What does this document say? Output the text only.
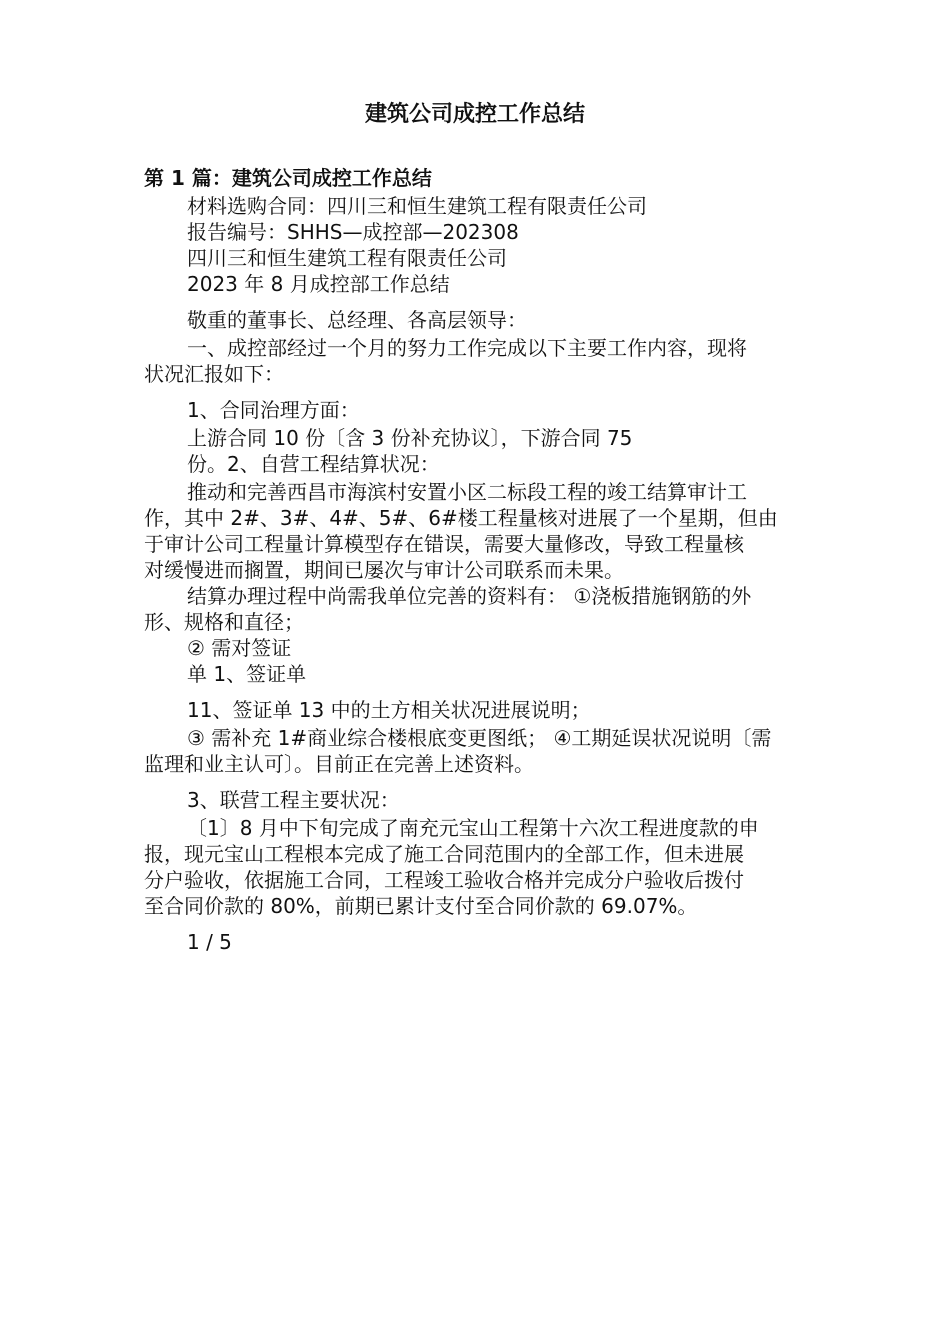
建筑公司成控工作总结
第 1 篇：建筑公司成控工作总结
材料选购合同：四川三和恒生建筑工程有限责任公司
报告编号：SHHS—成控部—202308
四川三和恒生建筑工程有限责任公司
2023 年 8 月成控部工作总结
敬重的董事长、总经理、各高层领导：
一、成控部经过一个月的努力工作完成以下主要工作内容，现将
状况汇报如下：
1、合同治理方面：
上游合同 10 份〔含 3 份补充协议〕，下游合同 75
份。2、自营工程结算状况：
推动和完善西昌市海滨村安置小区二标段工程的竣工结算审计工
作，其中 2#、3#、4#、5#、6#楼工程量核对进展了一个星期，但由
于审计公司工程量计算模型存在错误，需要大量修改，导致工程量核
对缓慢进而搁置，期间已屡次与审计公司联系而未果。
结算办理过程中尚需我单位完善的资料有： ①浇板措施钢筋的外
形、规格和直径；
② 需对签证
单 1、签证单
11、签证单 13 中的土方相关状况进展说明；
③ 需补充 1#商业综合楼根底变更图纸； ④工期延误状况说明〔需
监理和业主认可〕。目前正在完善上述资料。
3、联营工程主要状况：
〔1〕8 月中下旬完成了南充元宝山工程第十六次工程进度款的申
报，现元宝山工程根本完成了施工合同范围内的全部工作，但未进展
分户验收，依据施工合同，工程竣工验收合格并完成分户验收后拨付
至合同价款的 80%，前期已累计支付至合同价款的 69.07%。
1 / 5
